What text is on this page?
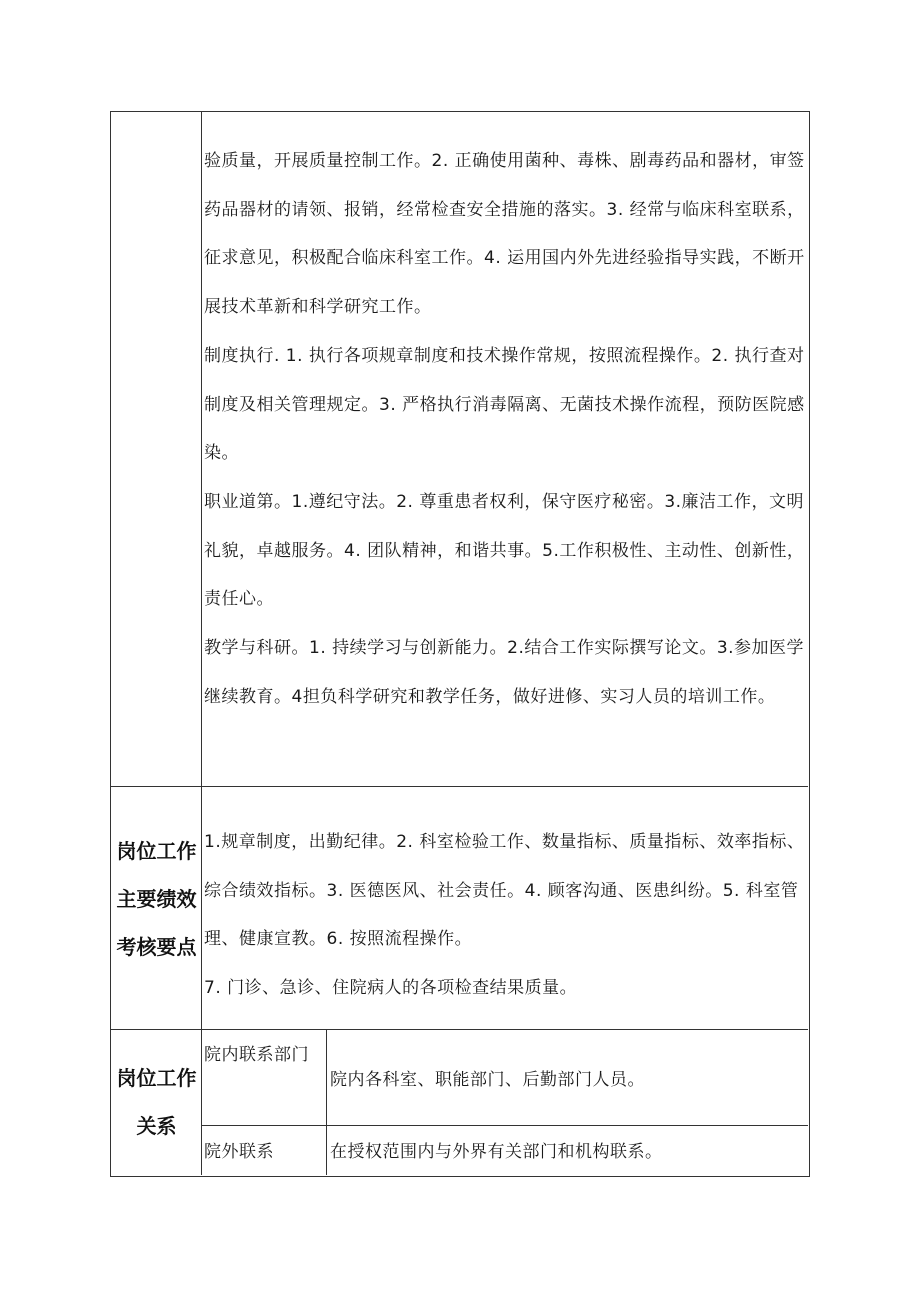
验质量，开展质量控制工作。2. 正确使用菌种、毒株、剧毒药品和器材，审签药品器材的请领、报销，经常检查安全措施的落实。3. 经常与临床科室联系，征求意见，积极配合临床科室工作。4. 运用国内外先进经验指导实践，不断开展技术革新和科学研究工作。

制度执行. 1. 执行各项规章制度和技术操作常规，按照流程操作。2. 执行查对制度及相关管理规定。3. 严格执行消毒隔离、无菌技术操作流程，预防医院感染。

职业道第。1.遵纪守法。2. 尊重患者权利，保守医疗秘密。3.廉洁工作，文明礼貌，卓越服务。4. 团队精神，和谐共事。5.工作积极性、主动性、创新性，责任心。

教学与科研。1. 持续学习与创新能力。2.结合工作实际撰写论文。3.参加医学继续教育。4担负科学研究和教学任务，做好进修、实习人员的培训工作。

岗位工作主要绩效考核要点

1.规章制度，出勤纪律。2. 科室检验工作、数量指标、质量指标、效率指标、综合绩效指标。3. 医德医风、社会责任。4. 顾客沟通、医患纠纷。5. 科室管理、健康宣教。6. 按照流程操作。

7. 门诊、急诊、住院病人的各项检查结果质量。

岗位工作关系
院内联系部门
院内各科室、职能部门、后勤部门人员。
院外联系	在授权范围内与外界有关部门和机构联系。
